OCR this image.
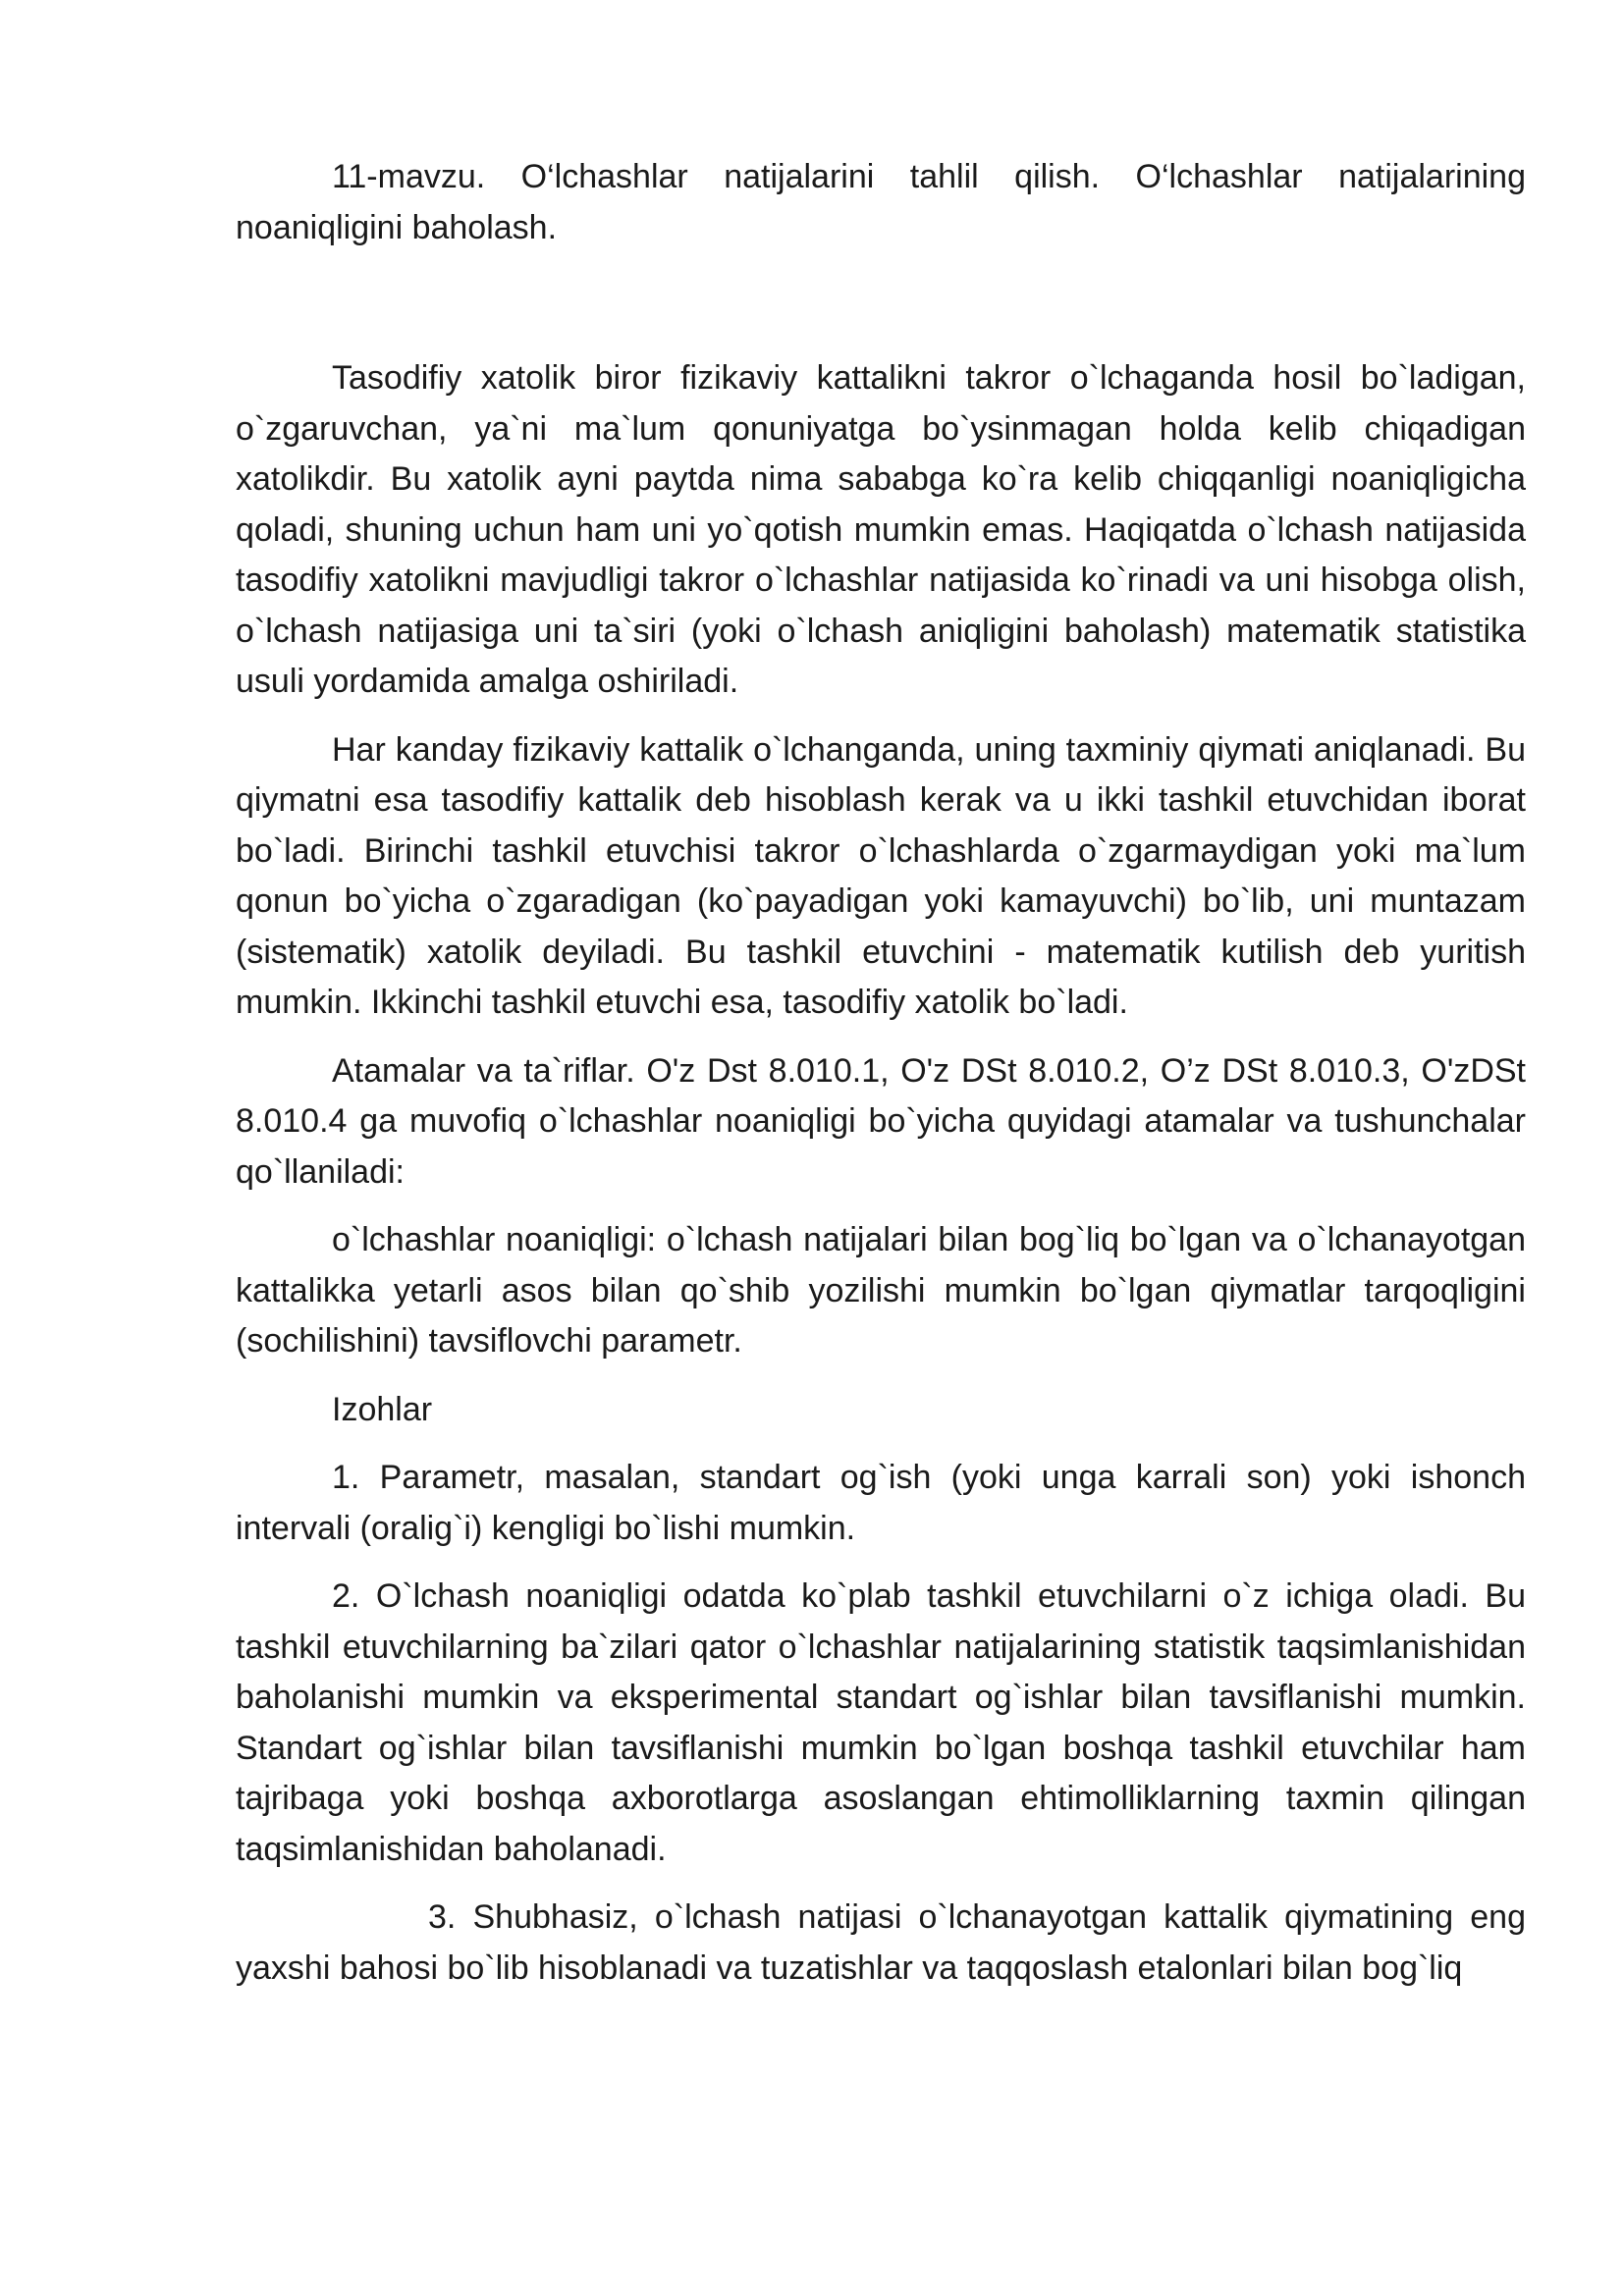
11-mavzu. O‘lchashlar natijalarini tahlil qilish. O‘lchashlar natijalarining noaniqligini baholash.

Tasodifiy xatolik biror fizikaviy kattalikni takror o`lchaganda hosil bo`ladigan, o`zgaruvchan, ya`ni ma`lum qonuniyatga bo`ysinmagan holda kelib chiqadigan xatolikdir. Bu xatolik ayni paytda nima sababga ko`ra kelib chiqqanligi noaniqligicha qoladi, shuning uchun ham uni yo`qotish mumkin emas. Haqiqatda o`lchash natijasida tasodifiy xatolikni mavjudligi takror o`lchashlar natijasida ko`rinadi va uni hisobga olish, o`lchash natijasiga uni ta`siri (yoki o`lchash aniqligini baholash) matematik statistika usuli yordamida amalga oshiriladi.

Har kanday fizikaviy kattalik o`lchanganda, uning taxminiy qiymati aniqlanadi. Bu qiymatni esa tasodifiy kattalik deb hisoblash kerak va u ikki tashkil etuvchidan iborat bo`ladi. Birinchi tashkil etuvchisi takror o`lchashlarda o`zgarmaydigan yoki ma`lum qonun bo`yicha o`zgaradigan (ko`payadigan yoki kamayuvchi) bo`lib, uni muntazam (sistematik) xatolik deyiladi. Bu tashkil etuvchini - matematik kutilish deb yuritish mumkin. Ikkinchi tashkil etuvchi esa, tasodifiy xatolik bo`ladi.

Atamalar va ta`riflar. O'z Dst 8.010.1, O'z DSt 8.010.2, O’z DSt 8.010.3, O'zDSt 8.010.4 ga muvofiq o`lchashlar noaniqligi bo`yicha quyidagi atamalar va tushunchalar qo`llaniladi:

o`lchashlar noaniqligi: o`lchash natijalari bilan bog`liq bo`lgan va o`lchanayotgan kattalikka yetarli asos bilan qo`shib yozilishi mumkin bo`lgan qiymatlar tarqoqligini (sochilishini) tavsiflovchi parametr.

Izohlar

1. Parametr, masalan, standart og`ish (yoki unga karrali son) yoki ishonch intervali (oralig`i) kengligi bo`lishi mumkin.

2. O`lchash noaniqligi odatda ko`plab tashkil etuvchilarni o`z ichiga oladi. Bu tashkil etuvchilarning ba`zilari qator o`lchashlar natijalarining statistik taqsimlanishidan baholanishi mumkin va eksperimental standart og`ishlar bilan tavsiflanishi mumkin. Standart og`ishlar bilan tavsiflanishi mumkin bo`lgan boshqa tashkil etuvchilar ham tajribaga yoki boshqa axborotlarga asoslangan ehtimolliklarning taxmin qilingan taqsimlanishidan baholanadi.

3. Shubhasiz, o`lchash natijasi o`lchanayotgan kattalik qiymatining eng yaxshi bahosi bo`lib hisoblanadi va tuzatishlar va taqqoslash etalonlari bilan bog`liq
